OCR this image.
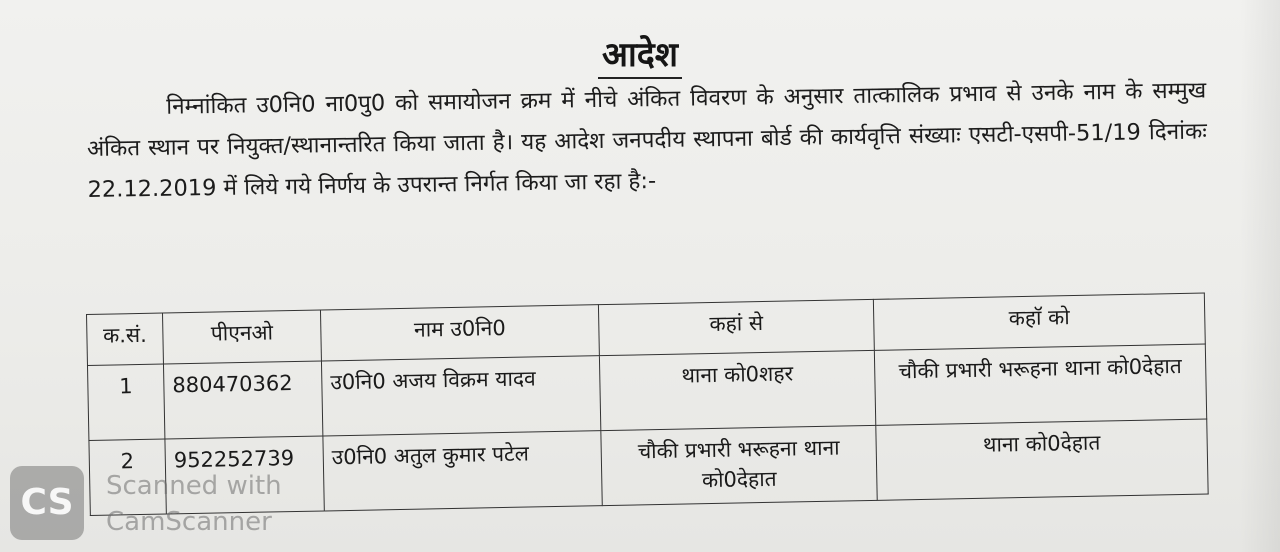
आदेश
निम्नांकित उ0नि0 ना0पु0 को समायोजन क्रम में नीचे अंकित विवरण के अनुसार तात्कालिक प्रभाव से उनके नाम के सम्मुख अंकित स्थान पर नियुक्त/स्थानान्तरित किया जाता है। यह आदेश जनपदीय स्थापना बोर्ड की कार्यवृत्ति संख्याः एसटी-एसपी-51/19 दिनांकः 22.12.2019 में लिये गये निर्णय के उपरान्त निर्गत किया जा रहा है:-
क.सं.	पीएनओ	नाम उ0नि0	कहां से	कहाॅ को
1	880470362	उ0नि0 अजय विक्रम यादव	थाना को0शहर	चौकी प्रभारी भरूहना थाना को0देहात
2	952252739	उ0नि0 अतुल कुमार पटेल	चौकी प्रभारी भरूहना थाना को0देहात	थाना को0देहात
CS	Scanned with
CamScanner
